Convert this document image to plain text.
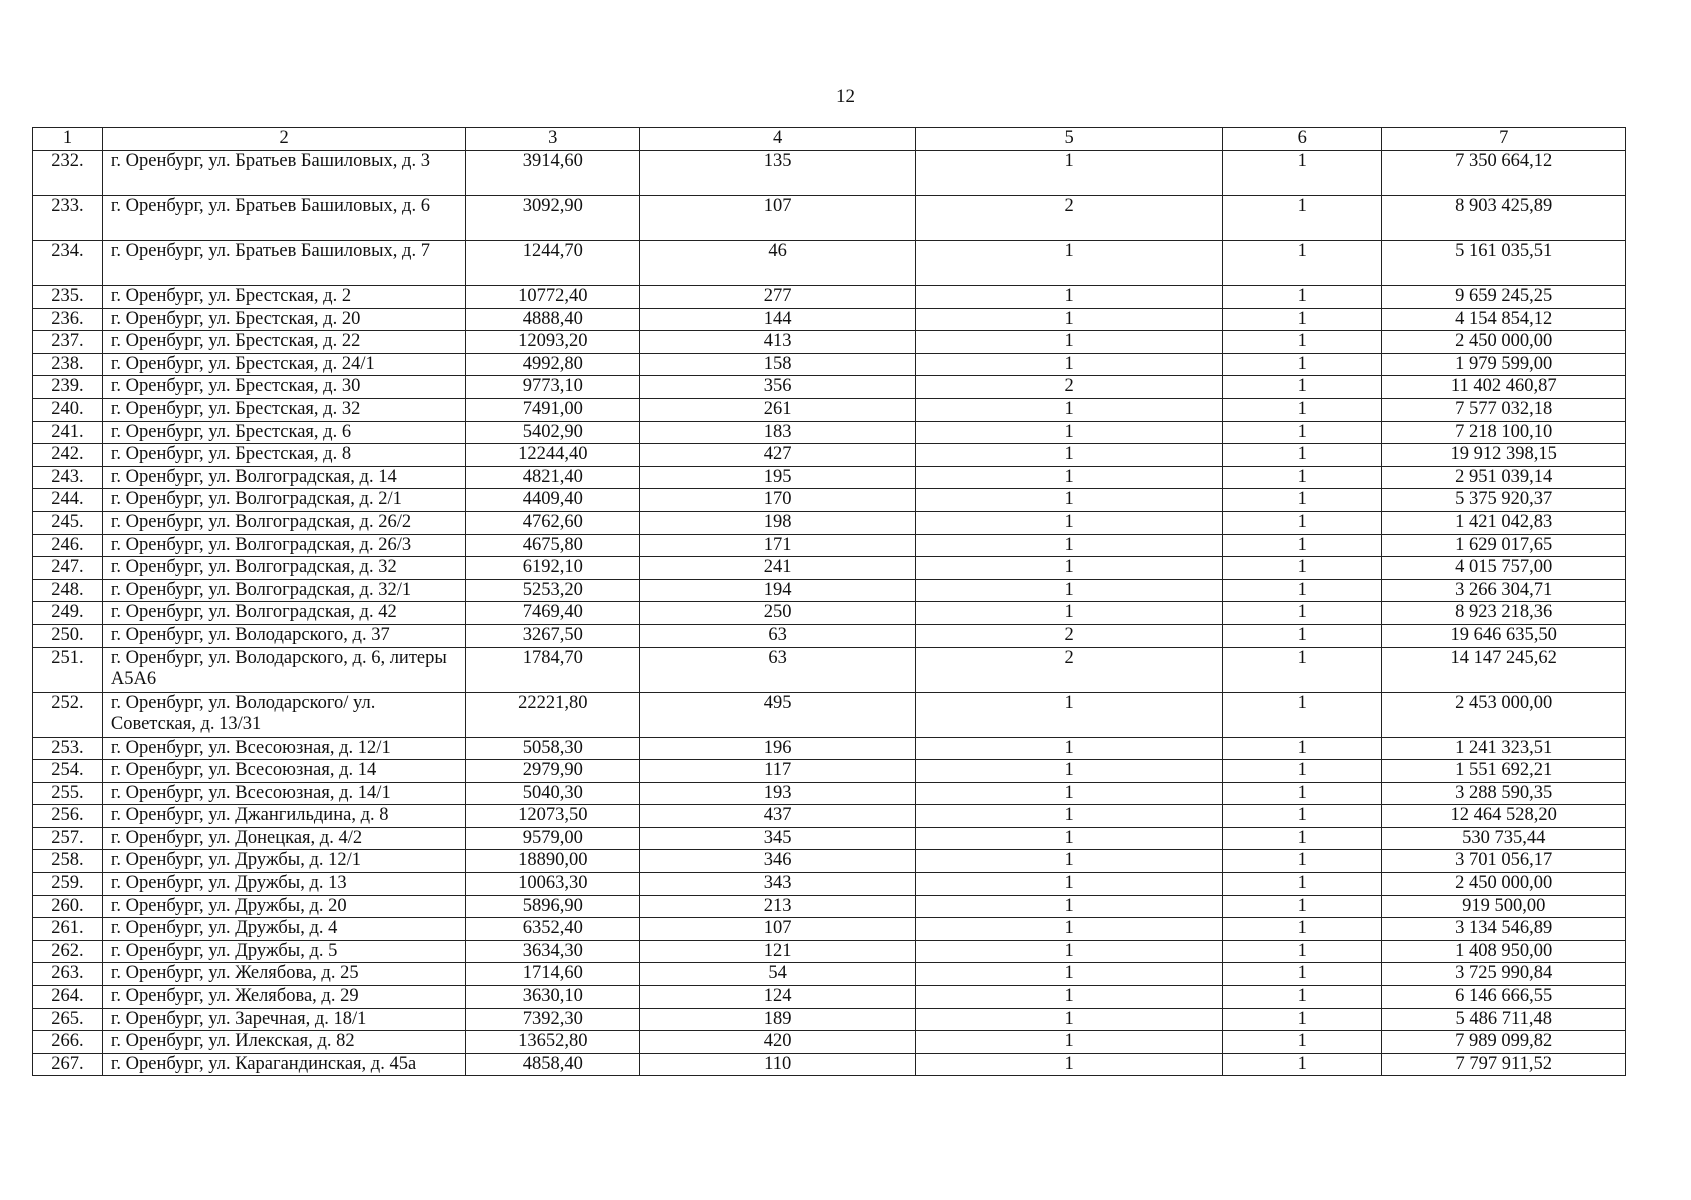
12
1	2	3	4	5	6	7
232.	г. Оренбург, ул. Братьев Башиловых, д. 3	3914,60	135	1	1	7 350 664,12
233.	г. Оренбург, ул. Братьев Башиловых, д. 6	3092,90	107	2	1	8 903 425,89
234.	г. Оренбург, ул. Братьев Башиловых, д. 7	1244,70	46	1	1	5 161 035,51
235.	г. Оренбург, ул. Брестская, д. 2	10772,40	277	1	1	9 659 245,25
236.	г. Оренбург, ул. Брестская, д. 20	4888,40	144	1	1	4 154 854,12
237.	г. Оренбург, ул. Брестская, д. 22	12093,20	413	1	1	2 450 000,00
238.	г. Оренбург, ул. Брестская, д. 24/1	4992,80	158	1	1	1 979 599,00
239.	г. Оренбург, ул. Брестская, д. 30	9773,10	356	2	1	11 402 460,87
240.	г. Оренбург, ул. Брестская, д. 32	7491,00	261	1	1	7 577 032,18
241.	г. Оренбург, ул. Брестская, д. 6	5402,90	183	1	1	7 218 100,10
242.	г. Оренбург, ул. Брестская, д. 8	12244,40	427	1	1	19 912 398,15
243.	г. Оренбург, ул. Волгоградская, д. 14	4821,40	195	1	1	2 951 039,14
244.	г. Оренбург, ул. Волгоградская, д. 2/1	4409,40	170	1	1	5 375 920,37
245.	г. Оренбург, ул. Волгоградская, д. 26/2	4762,60	198	1	1	1 421 042,83
246.	г. Оренбург, ул. Волгоградская, д. 26/3	4675,80	171	1	1	1 629 017,65
247.	г. Оренбург, ул. Волгоградская, д. 32	6192,10	241	1	1	4 015 757,00
248.	г. Оренбург, ул. Волгоградская, д. 32/1	5253,20	194	1	1	3 266 304,71
249.	г. Оренбург, ул. Волгоградская, д. 42	7469,40	250	1	1	8 923 218,36
250.	г. Оренбург, ул. Володарского, д. 37	3267,50	63	2	1	19 646 635,50
251.	г. Оренбург, ул. Володарского, д. 6, литеры А5А6	1784,70	63	2	1	14 147 245,62
252.	г. Оренбург, ул. Володарского/ ул. Советская, д. 13/31	22221,80	495	1	1	2 453 000,00
253.	г. Оренбург, ул. Всесоюзная, д. 12/1	5058,30	196	1	1	1 241 323,51
254.	г. Оренбург, ул. Всесоюзная, д. 14	2979,90	117	1	1	1 551 692,21
255.	г. Оренбург, ул. Всесоюзная, д. 14/1	5040,30	193	1	1	3 288 590,35
256.	г. Оренбург, ул. Джангильдина, д. 8	12073,50	437	1	1	12 464 528,20
257.	г. Оренбург, ул. Донецкая, д. 4/2	9579,00	345	1	1	530 735,44
258.	г. Оренбург, ул. Дружбы, д. 12/1	18890,00	346	1	1	3 701 056,17
259.	г. Оренбург, ул. Дружбы, д. 13	10063,30	343	1	1	2 450 000,00
260.	г. Оренбург, ул. Дружбы, д. 20	5896,90	213	1	1	919 500,00
261.	г. Оренбург, ул. Дружбы, д. 4	6352,40	107	1	1	3 134 546,89
262.	г. Оренбург, ул. Дружбы, д. 5	3634,30	121	1	1	1 408 950,00
263.	г. Оренбург, ул. Желябова, д. 25	1714,60	54	1	1	3 725 990,84
264.	г. Оренбург, ул. Желябова, д. 29	3630,10	124	1	1	6 146 666,55
265.	г. Оренбург, ул. Заречная, д. 18/1	7392,30	189	1	1	5 486 711,48
266.	г. Оренбург, ул. Илекская, д. 82	13652,80	420	1	1	7 989 099,82
267.	г. Оренбург, ул. Карагандинская, д. 45а	4858,40	110	1	1	7 797 911,52
